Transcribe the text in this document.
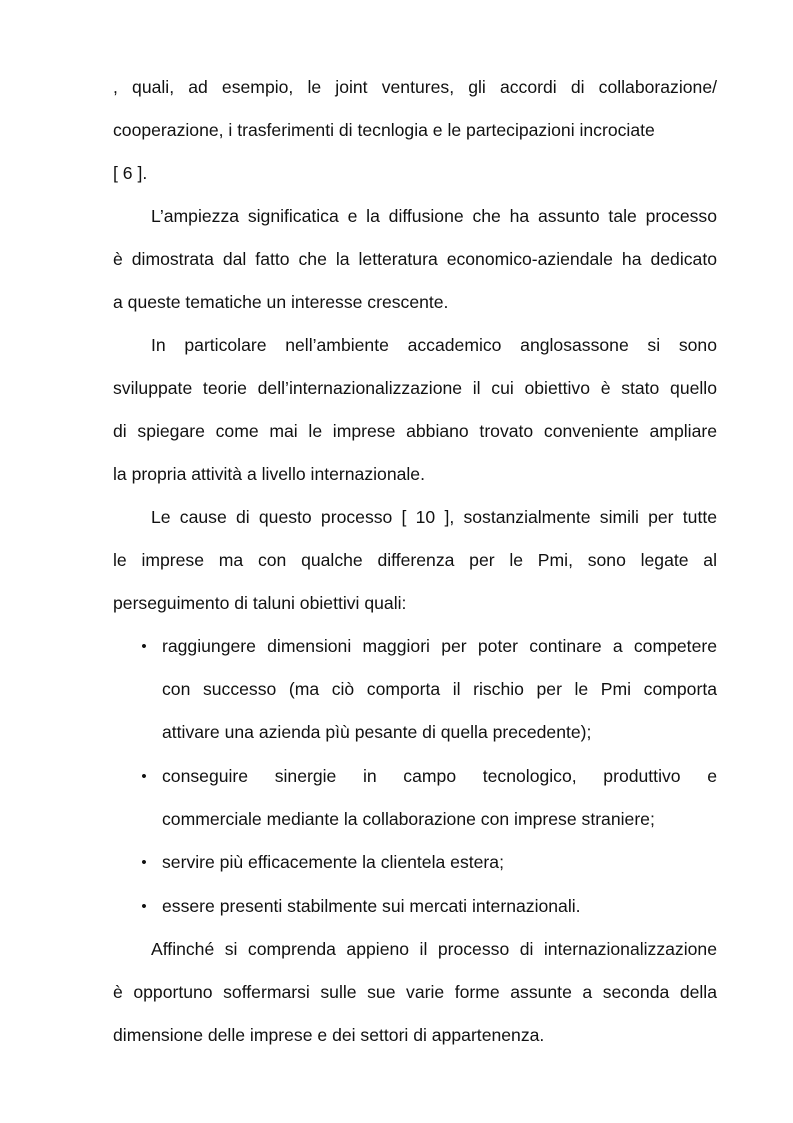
, quali, ad esempio, le joint ventures, gli accordi di collaborazione/
cooperazione, i trasferimenti di tecnlogia e le partecipazioni incrociate
[ 6 ].
L’ampiezza significatica e la diffusione che ha assunto tale processo
è dimostrata dal fatto che la letteratura economico-aziendale ha dedicato
a queste tematiche un interesse crescente.
In particolare nell’ambiente accademico anglosassone si sono
sviluppate teorie dell’internazionalizzazione il cui obiettivo è stato quello
di spiegare come mai le imprese abbiano trovato conveniente ampliare
la propria attività a livello internazionale.
Le cause di questo processo [ 10 ], sostanzialmente simili per tutte
le imprese ma con qualche differenza per le Pmi, sono legate al
perseguimento di taluni obiettivi quali:
• raggiungere dimensioni maggiori per poter continare a competere
con successo (ma ciò comporta il rischio per le Pmi comporta
attivare una azienda pìù pesante di quella precedente);
• conseguire sinergie in campo tecnologico, produttivo e
commerciale mediante la collaborazione con imprese straniere;
• servire più efficacemente la clientela estera;
• essere presenti stabilmente sui mercati internazionali.
Affinché si comprenda appieno il processo di internazionalizzazione
è opportuno soffermarsi sulle sue varie forme assunte a seconda della
dimensione delle imprese e dei settori di appartenenza.
